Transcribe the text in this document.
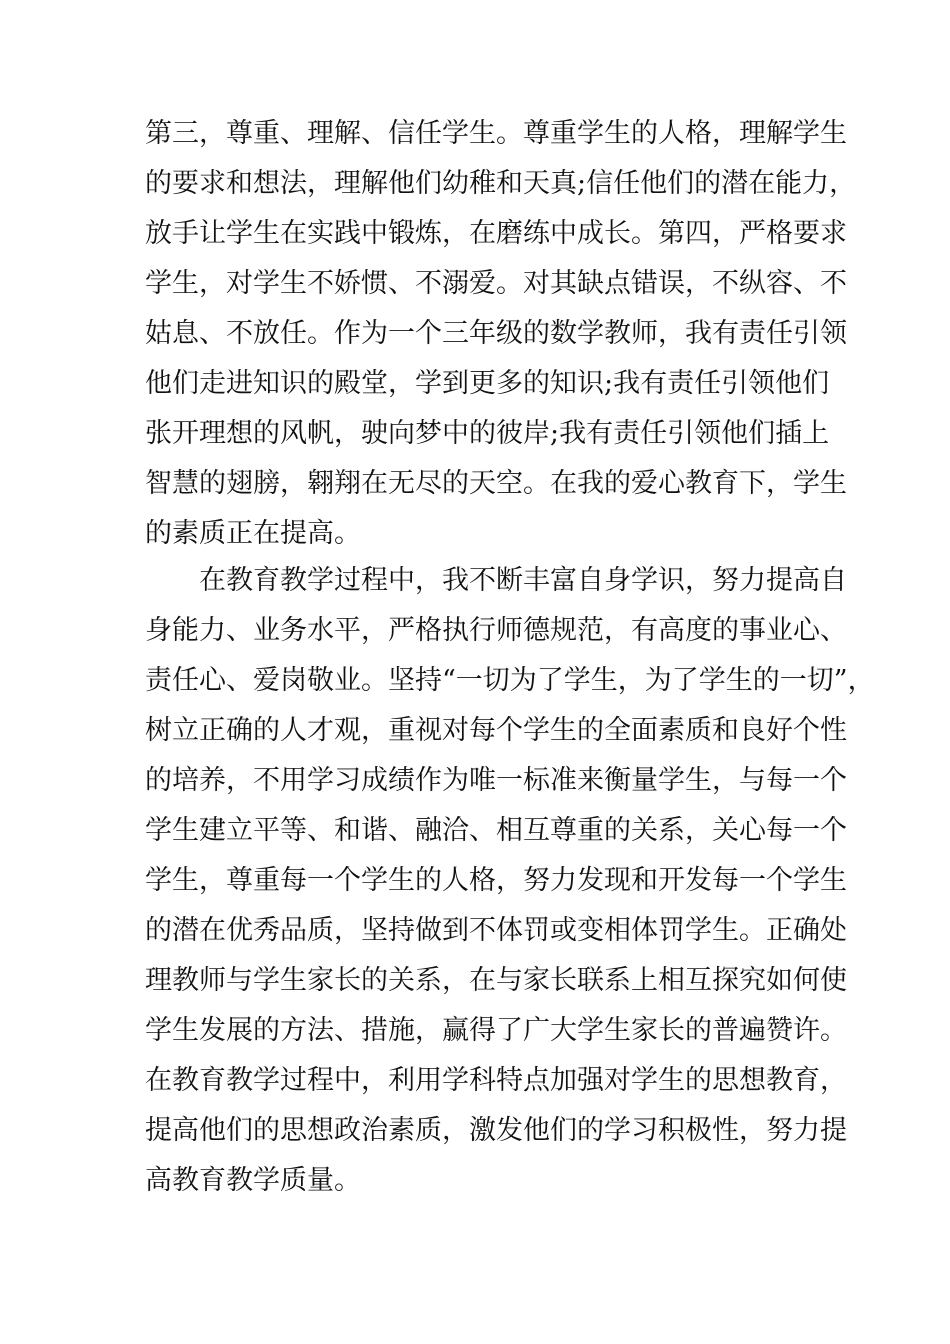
第三，尊重、理解、信任学生。尊重学生的人格，理解学生
的要求和想法，理解他们幼稚和天真;信任他们的潜在能力，
放手让学生在实践中锻炼，在磨练中成长。第四，严格要求
学生，对学生不娇惯、不溺爱。对其缺点错误，不纵容、不
姑息、不放任。作为一个三年级的数学教师，我有责任引领
他们走进知识的殿堂，学到更多的知识;我有责任引领他们
张开理想的风帆，驶向梦中的彼岸;我有责任引领他们插上
智慧的翅膀，翱翔在无尽的天空。在我的爱心教育下，学生
的素质正在提高。
在教育教学过程中，我不断丰富自身学识，努力提高自
身能力、业务水平，严格执行师德规范，有高度的事业心、
责任心、爱岗敬业。坚持“一切为了学生，为了学生的一切”，
树立正确的人才观，重视对每个学生的全面素质和良好个性
的培养，不用学习成绩作为唯一标准来衡量学生，与每一个
学生建立平等、和谐、融洽、相互尊重的关系，关心每一个
学生，尊重每一个学生的人格，努力发现和开发每一个学生
的潜在优秀品质，坚持做到不体罚或变相体罚学生。正确处
理教师与学生家长的关系，在与家长联系上相互探究如何使
学生发展的方法、措施，赢得了广大学生家长的普遍赞许。
在教育教学过程中，利用学科特点加强对学生的思想教育，
提高他们的思想政治素质，激发他们的学习积极性，努力提
高教育教学质量。
